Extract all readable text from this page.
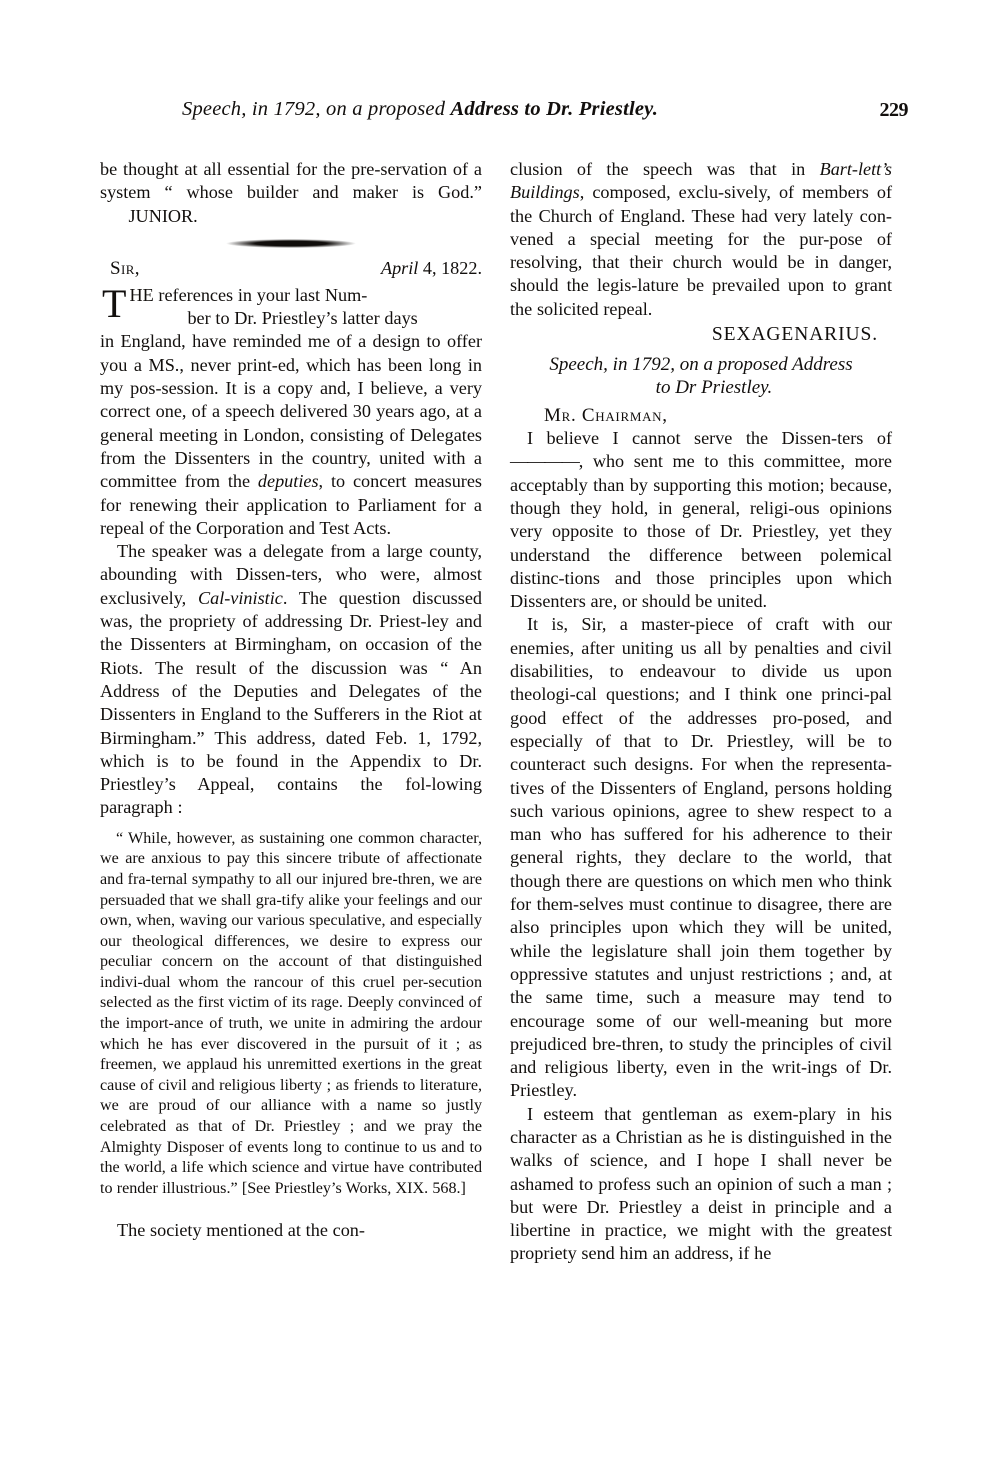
Speech, in 1792, on a proposed Address to Dr. Priestley.	229

be thought at all essential for the pre-servation of a system “ whose builder and maker is God.”       JUNIOR.

Sir,	April 4, 1822.

THE references in your last Num-
ber to Dr. Priestley’s latter days
in England, have reminded me of a design to offer you a MS., never print-ed, which has been long in my pos-session. It is a copy and, I believe, a very correct one, of a speech delivered 30 years ago, at a general meeting in London, consisting of Delegates from the Dissenters in the country, united with a committee from the deputies, to concert measures for renewing their application to Parliament for a repeal of the Corporation and Test Acts.

The speaker was a delegate from a large county, abounding with Dissen-ters, who were, almost exclusively, Cal-vinistic. The question discussed was, the propriety of addressing Dr. Priest-ley and the Dissenters at Birmingham, on occasion of the Riots. The result of the discussion was “ An Address of the Deputies and Delegates of the Dissenters in England to the Sufferers in the Riot at Birmingham.” This address, dated Feb. 1, 1792, which is to be found in the Appendix to Dr. Priestley’s Appeal, contains the fol-lowing paragraph :

“ While, however, as sustaining one common character, we are anxious to pay this sincere tribute of affectionate and fra-ternal sympathy to all our injured bre-thren, we are persuaded that we shall gra-tify alike your feelings and our own, when, waving our various speculative, and especially our theological differences, we desire to express our peculiar concern on the account of that distinguished indivi-dual whom the rancour of this cruel per-secution selected as the first victim of its rage. Deeply convinced of the import-ance of truth, we unite in admiring the ardour which he has ever discovered in the pursuit of it ; as freemen, we applaud his unremitted exertions in the great cause of civil and religious liberty ; as friends to literature, we are proud of our alliance with a name so justly celebrated as that of Dr. Priestley ; and we pray the Almighty Disposer of events long to continue to us and to the world, a life which science and virtue have contributed to render illustrious.” [See Priestley’s Works, XIX. 568.]

The society mentioned at the con-

clusion of the speech was that in Bart-lett’s Buildings, composed, exclu-sively, of members of the Church of England. These had very lately con-vened a special meeting for the pur-pose of resolving, that their church would be in danger, should the legis-lature be prevailed upon to grant the solicited repeal.

SEXAGENARIUS.
Speech, in 1792, on a proposed Address
to Dr Priestley.
Mr. Chairman,

I believe I cannot serve the Dissen-ters of ————, who sent me to this committee, more acceptably than by supporting this motion; because, though they hold, in general, religi-ous opinions very opposite to those of Dr. Priestley, yet they understand the difference between polemical distinc-tions and those principles upon which Dissenters are, or should be united.

It is, Sir, a master-piece of craft with our enemies, after uniting us all by penalties and civil disabilities, to endeavour to divide us upon theologi-cal questions; and I think one princi-pal good effect of the addresses pro-posed, and especially of that to Dr. Priestley, will be to counteract such designs. For when the representa-tives of the Dissenters of England, persons holding such various opinions, agree to shew respect to a man who has suffered for his adherence to their general rights, they declare to the world, that though there are questions on which men who think for them-selves must continue to disagree, there are also principles upon which they will be united, while the legislature shall join them together by oppressive statutes and unjust restrictions ; and, at the same time, such a measure may tend to encourage some of our well-meaning but more prejudiced bre-thren, to study the principles of civil and religious liberty, even in the writ-ings of Dr. Priestley.

I esteem that gentleman as exem-plary in his character as a Christian as he is distinguished in the walks of science, and I hope I shall never be ashamed to profess such an opinion of such a man ; but were Dr. Priestley a deist in principle and a libertine in practice, we might with the greatest propriety send him an address, if he
